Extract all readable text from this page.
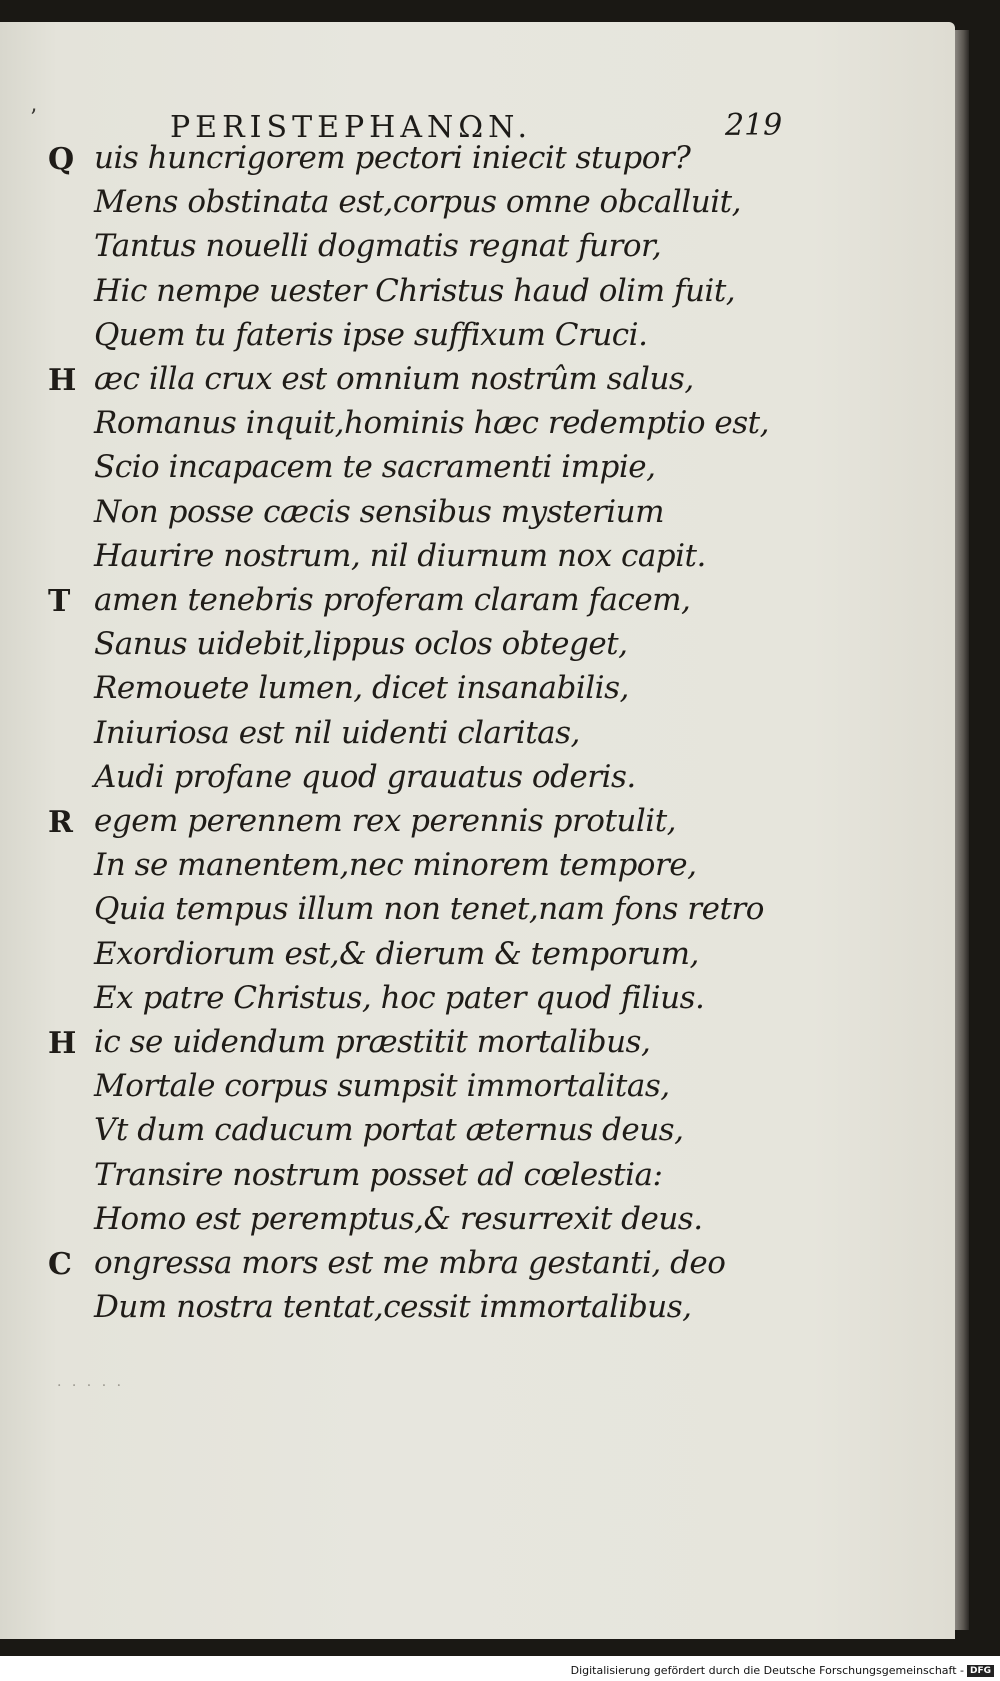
’	PERISTEPHANΩN.	219
Q uis huncrigorem pectori iniecit stupor?
Mens obstinata est,corpus omne obcalluit,
Tantus nouelli dogmatis regnat furor,
Hic nempe uester Christus haud olim fuit,
Quem tu fateris ipse suffixum Cruci.
H æc illa crux est omnium nostrûm salus,
Romanus inquit,hominis hæc redemptio est,
Scio incapacem te sacramenti impie,
Non posse cæcis sensibus mysterium
Haurire nostrum, nil diurnum nox capit.
T amen tenebris proferam claram facem,
Sanus uidebit,lippus oclos obteget,
Remouete lumen, dicet insanabilis,
Iniuriosa est nil uidenti claritas,
Audi profane quod grauatus oderis.
R egem perennem rex perennis protulit,
In se manentem,nec minorem tempore,
Quia tempus illum non tenet,nam fons retro
Exordiorum est,& dierum & temporum,
Ex patre Christus, hoc pater quod filius.
H ic se uidendum præstitit mortalibus,
Mortale corpus sumpsit immortalitas,
Vt dum caducum portat æternus deus,
Transire nostrum posset ad cœlestia:
Homo est peremptus,& resurrexit deus.
C ongressa mors est me mbra gestanti, deo
Dum nostra tentat,cessit immortalibus,
· · · · ·
Digitalisierung gefördert durch die Deutsche Forschungsgemeinschaft - DFG
